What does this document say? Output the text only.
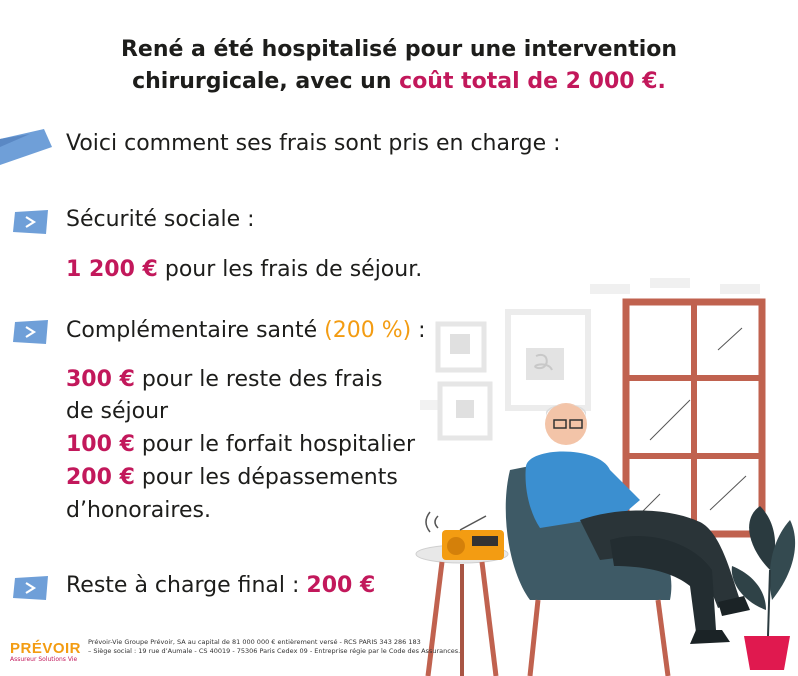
René a été hospitalisé pour une intervention
chirurgicale, avec un coût total de 2 000 €.
Voici comment ses frais sont pris en charge :
Sécurité sociale :
1 200 € pour les frais de séjour.
Complémentaire santé (200 %) :
300 € pour le reste des frais
de séjour
100 € pour le forfait hospitalier
200 € pour les dépassements
d’honoraires.
Reste à charge final : 200 €
PRÉVOIR
Assureur Solutions Vie
Prévoir-Vie Groupe Prévoir, SA au capital de 81 000 000 € entièrement versé - RCS PARIS 343 286 183
– Siège social : 19 rue d’Aumale - CS 40019 - 75306 Paris Cedex 09 - Entreprise régie par le Code des Assurances.
